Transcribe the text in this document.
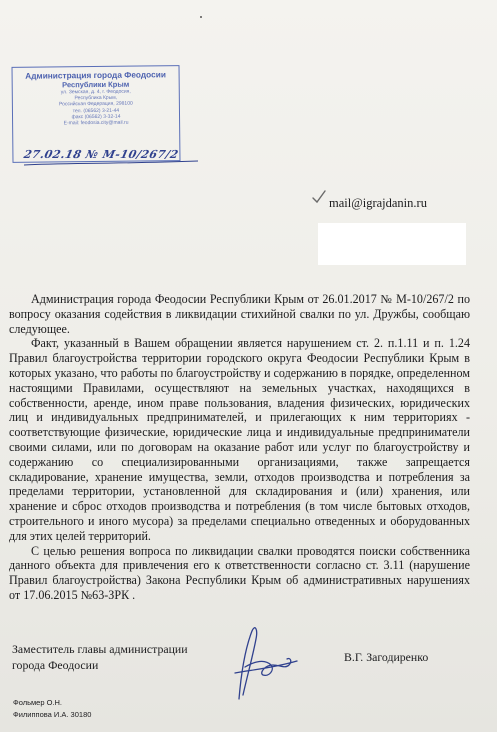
Администрация города Феодосии
Республики Крым
ул. Земская, д. 4, г. Феодосия,
Республика Крым,
Российская Федерация, 298100
тел. (06562) 3-21-44
факс (06562) 3-32-14
E-mail: feodosia.city@mail.ru
27.02.18 № М-10/267/2
mail@igrajdanin.ru

Администрация города Феодосии Республики Крым от 26.01.2017 № М-10/267/2 по вопросу оказания содействия в ликвидации стихийной свалки по ул. Дружбы, сообщаю следующее.

Факт, указанный в Вашем обращении является нарушением ст. 2. п.1.11 и п. 1.24 Правил благоустройства территории городского округа Феодосии Республики Крым в которых указано, что работы по благоустройству и содержанию в порядке, определенном настоящими Правилами, осуществляют на земельных участках, находящихся в собственности, аренде, ином праве пользования, владения физических, юридических лиц и индивидуальных предпринимателей, и прилегающих к ним территориях - соответствующие физические, юридические лица и индивидуальные предприниматели своими силами, или по договорам на оказание работ или услуг по благоустройству и содержанию со специализированными организациями, также запрещается складирование, хранение имущества, земли, отходов производства и потребления за пределами территории, установленной для складирования и (или) хранения, или хранение и сброс отходов производства и потребления (в том числе бытовых отходов, строительного и иного мусора) за пределами специально отведенных и оборудованных для этих целей территорий.

С целью решения вопроса по ликвидации свалки проводятся поиски собственника данного объекта для привлечения его к ответственности согласно ст. 3.11 (нарушение Правил благоустройства) Закона Республики Крым об административных нарушениях от 17.06.2015 №63-ЗРК .

Заместитель главы администрации
города Феодосии
В.Г. Загодиренко
Фольмер О.Н.
Филиппова И.А. 30180
